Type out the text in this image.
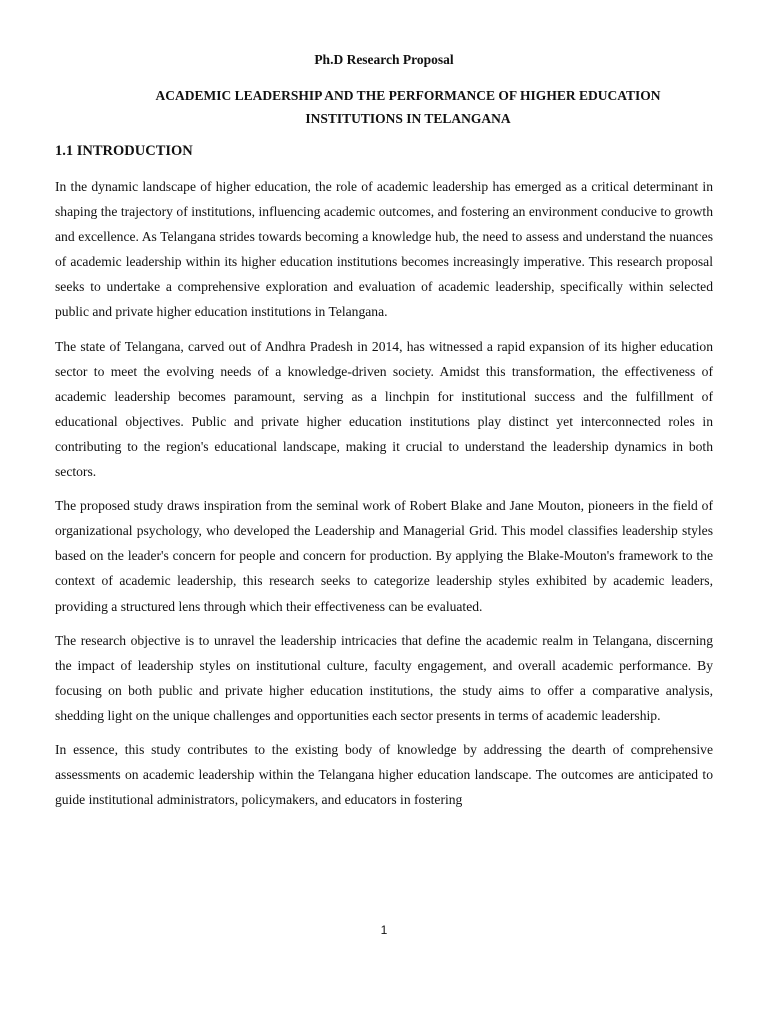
Ph.D Research Proposal
ACADEMIC LEADERSHIP AND THE PERFORMANCE OF HIGHER EDUCATION INSTITUTIONS IN TELANGANA
1.1 INTRODUCTION

In the dynamic landscape of higher education, the role of academic leadership has emerged as a critical determinant in shaping the trajectory of institutions, influencing academic outcomes, and fostering an environment conducive to growth and excellence. As Telangana strides towards becoming a knowledge hub, the need to assess and understand the nuances of academic leadership within its higher education institutions becomes increasingly imperative. This research proposal seeks to undertake a comprehensive exploration and evaluation of academic leadership, specifically within selected public and private higher education institutions in Telangana.

The state of Telangana, carved out of Andhra Pradesh in 2014, has witnessed a rapid expansion of its higher education sector to meet the evolving needs of a knowledge-driven society. Amidst this transformation, the effectiveness of academic leadership becomes paramount, serving as a linchpin for institutional success and the fulfillment of educational objectives. Public and private higher education institutions play distinct yet interconnected roles in contributing to the region's educational landscape, making it crucial to understand the leadership dynamics in both sectors.

The proposed study draws inspiration from the seminal work of Robert Blake and Jane Mouton, pioneers in the field of organizational psychology, who developed the Leadership and Managerial Grid. This model classifies leadership styles based on the leader's concern for people and concern for production. By applying the Blake-Mouton's framework to the context of academic leadership, this research seeks to categorize leadership styles exhibited by academic leaders, providing a structured lens through which their effectiveness can be evaluated.

The research objective is to unravel the leadership intricacies that define the academic realm in Telangana, discerning the impact of leadership styles on institutional culture, faculty engagement, and overall academic performance. By focusing on both public and private higher education institutions, the study aims to offer a comparative analysis, shedding light on the unique challenges and opportunities each sector presents in terms of academic leadership.

In essence, this study contributes to the existing body of knowledge by addressing the dearth of comprehensive assessments on academic leadership within the Telangana higher education landscape. The outcomes are anticipated to guide institutional administrators, policymakers, and educators in fostering

1
